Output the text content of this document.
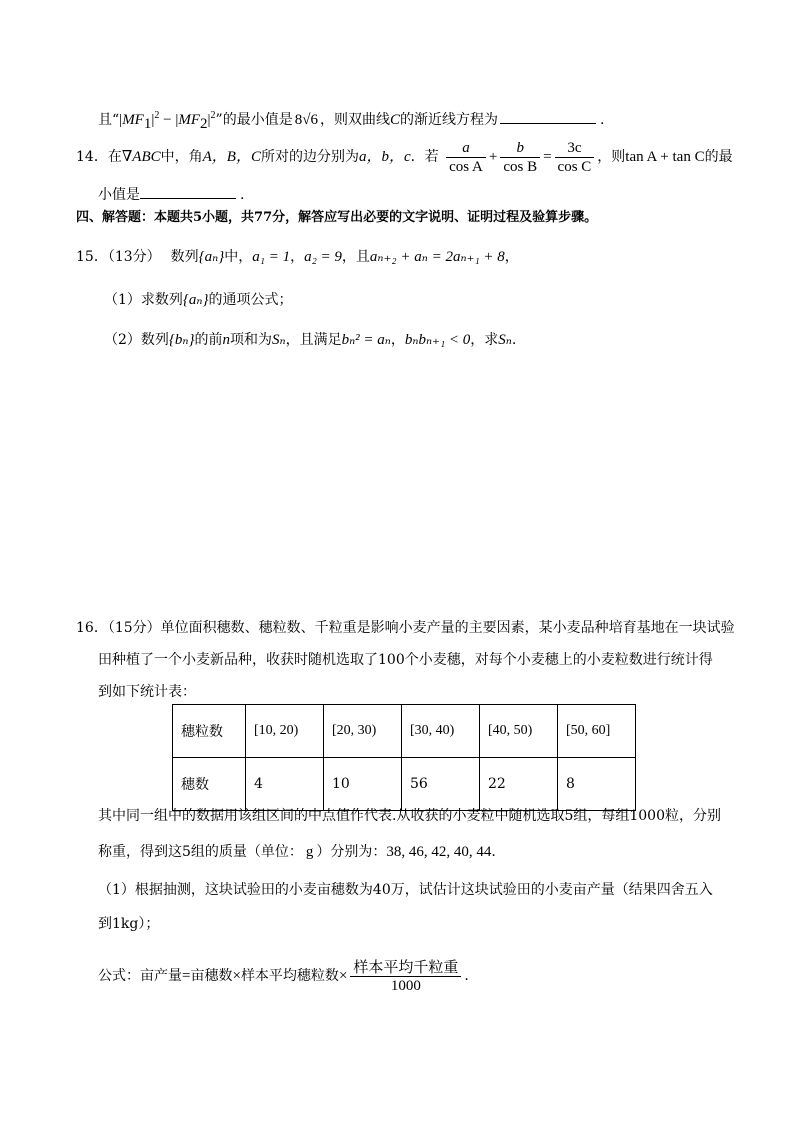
且“$|MF_1|^2 - |MF_2|^2$”的最小值是 8√6 ，则双曲线C的渐近线方程为	.
14．在∇ABC中，角A，B，C所对的边分别为a，b，c．若 $\frac{a}{\text{cos A}} + \frac{b}{\text{cos B}} = \frac{3c}{\text{cos C}}$ ，则tan A + tan C的最
小值是	.
四、解答题：本题共5小题，共77分，解答应写出必要的文字说明、证明过程及验算步骤。
15．（13分） 数列{aₙ}中，a₁ = 1，a₂ = 9，且aₙ₊₂ + aₙ = 2aₙ₊₁ + 8，
（1）求数列{aₙ}的通项公式；
（2）数列{bₙ}的前n项和为Sₙ，且满足bₙ² = aₙ，bₙbₙ₊₁ < 0，求Sₙ.
16．（15分）单位面积穗数、穗粒数、千粒重是影响小麦产量的主要因素，某小麦品种培育基地在一块试验
田种植了一个小麦新品种，收获时随机选取了100个小麦穗，对每个小麦穗上的小麦粒数进行统计得
到如下统计表：
穗粒数	[10, 20)	[20, 30)	[30, 40)	[40, 50)	[50, 60]
穗数	4	10	56	22	8
其中同一组中的数据用该组区间的中点值作代表.从收获的小麦粒中随机选取5组，每组1000粒，分别
称重，得到这5组的质量（单位： g ）分别为：38, 46, 42, 40, 44.
（1）根据抽测，这块试验田的小麦亩穗数为40万，试估计这块试验田的小麦亩产量（结果四舍五入
到1kg）；
公式：亩产量=亩穗数×样本平均穗粒数× $\frac{\text{样本平均千粒重}}{1000}$ .
